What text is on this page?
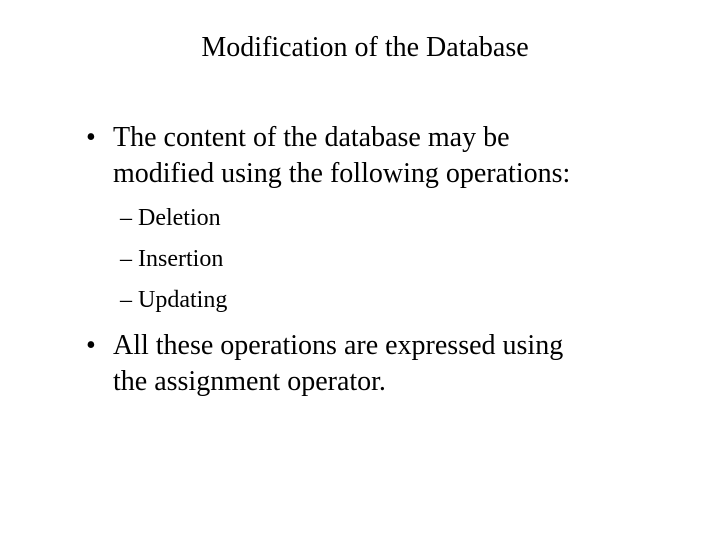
Modification of the Database
• The content of the database may be
modified using the following operations:
– Deletion
– Insertion
– Updating
• All these operations are expressed using
the assignment operator.
